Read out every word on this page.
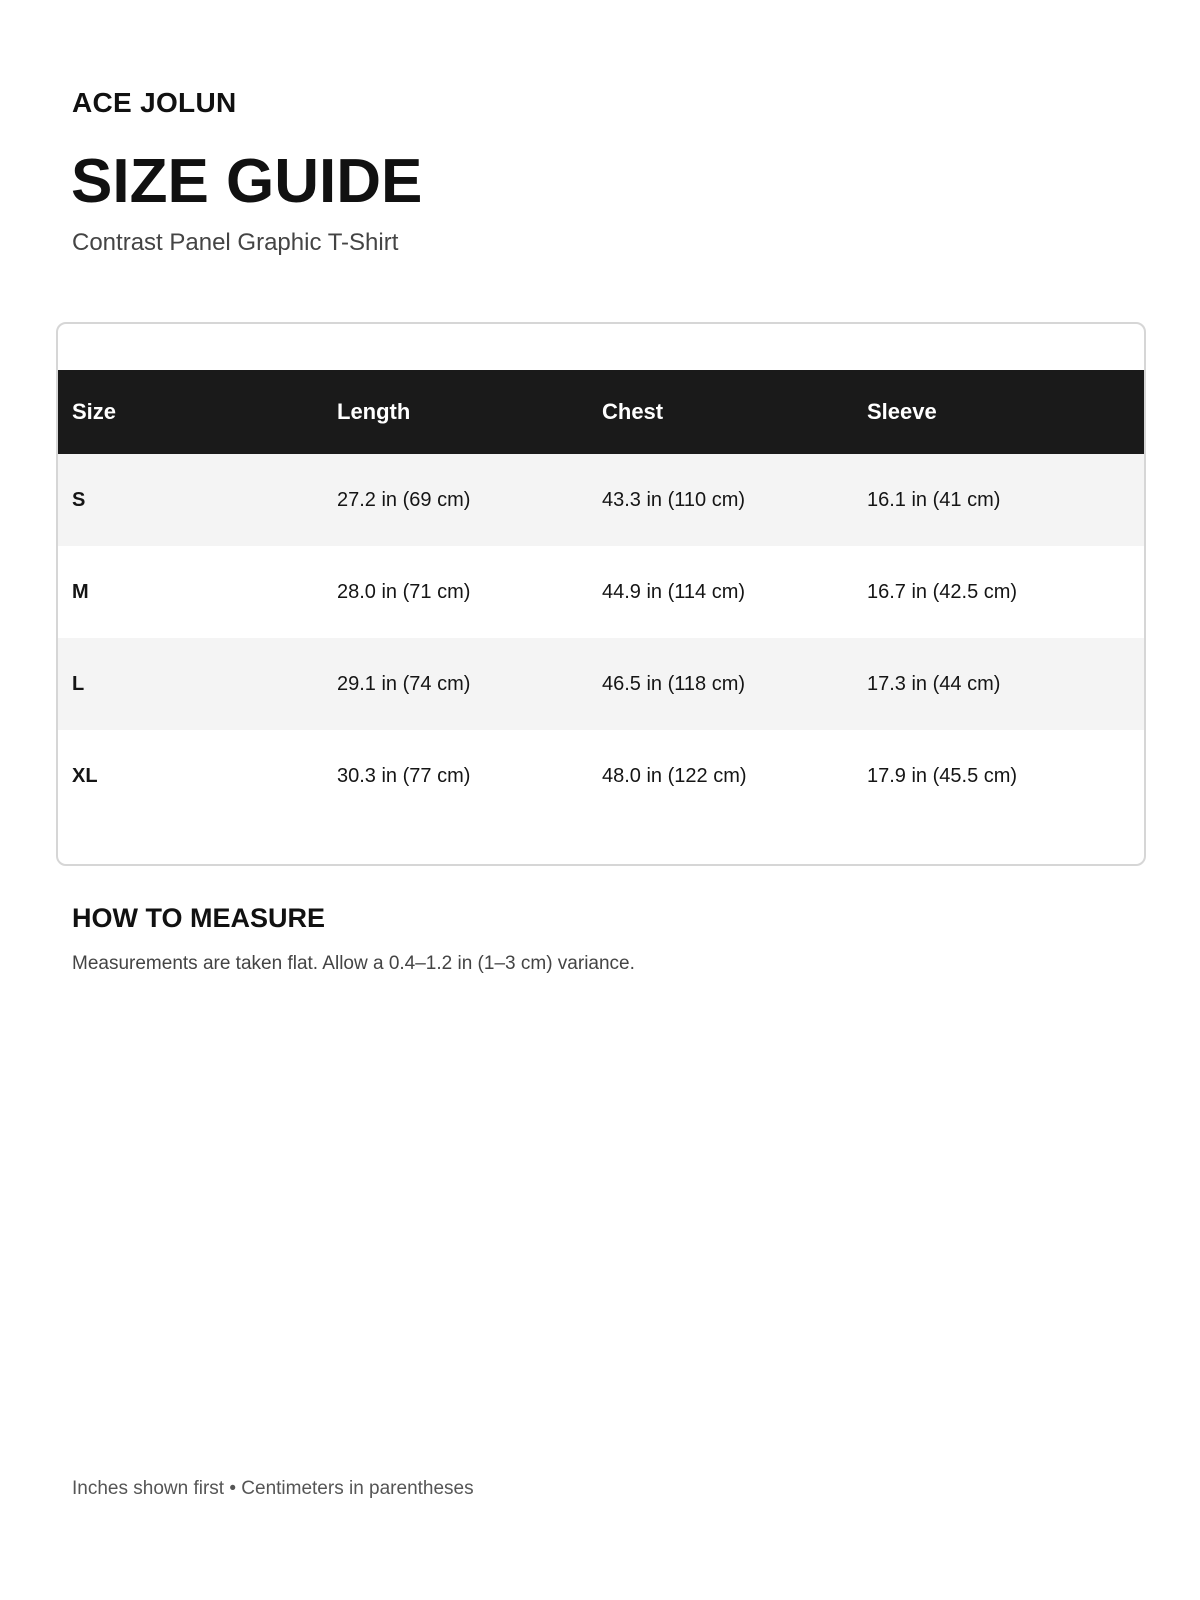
ACE JOLUN
SIZE GUIDE
Contrast Panel Graphic T-Shirt
Size	Length	Chest	Sleeve
S	27.2 in (69 cm)	43.3 in (110 cm)	16.1 in (41 cm)
M	28.0 in (71 cm)	44.9 in (114 cm)	16.7 in (42.5 cm)
L	29.1 in (74 cm)	46.5 in (118 cm)	17.3 in (44 cm)
XL	30.3 in (77 cm)	48.0 in (122 cm)	17.9 in (45.5 cm)
HOW TO MEASURE
Measurements are taken flat. Allow a 0.4–1.2 in (1–3 cm) variance.
Inches shown first • Centimeters in parentheses
